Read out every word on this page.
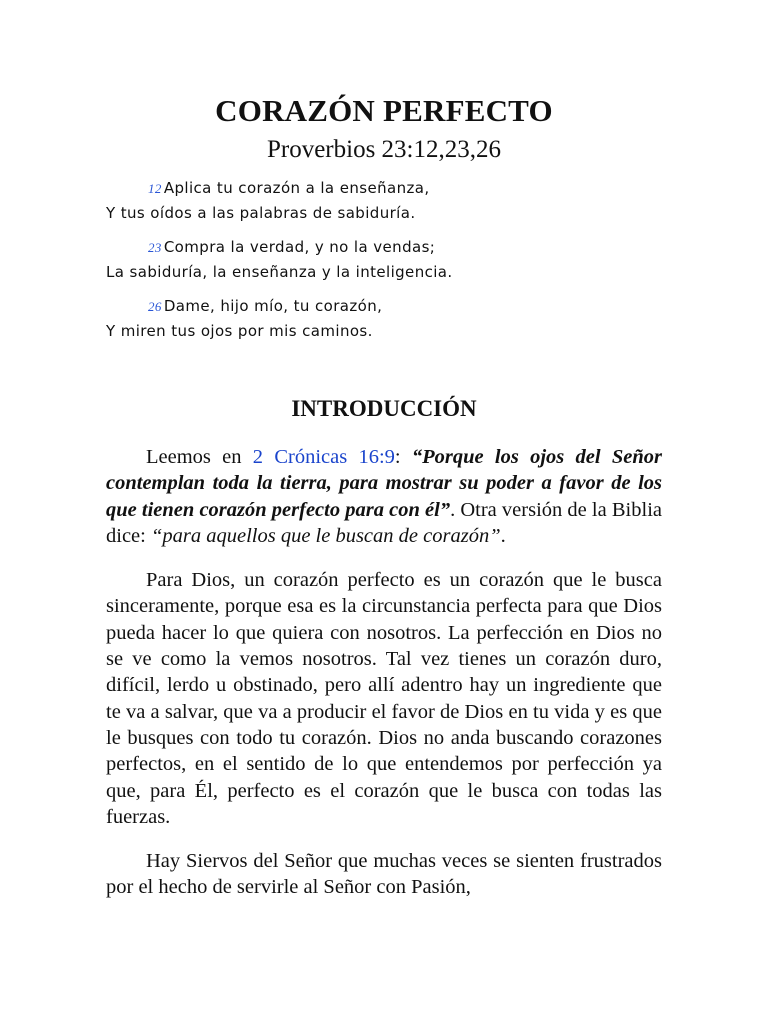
CORAZÓN PERFECTO
Proverbios 23:12,23,26
12 Aplica tu corazón a la enseñanza,
Y tus oídos a las palabras de sabiduría.
23 Compra la verdad, y no la vendas;
La sabiduría, la enseñanza y la inteligencia.
26 Dame, hijo mío, tu corazón,
Y miren tus ojos por mis caminos.
INTRODUCCIÓN

Leemos en 2 Crónicas 16:9: “Porque los ojos del Señor contemplan toda la tierra, para mostrar su poder a favor de los que tienen corazón perfecto para con él”. Otra versión de la Biblia dice: “para aquellos que le buscan de corazón”.

Para Dios, un corazón perfecto es un corazón que le busca sinceramente, porque esa es la circunstancia perfecta para que Dios pueda hacer lo que quiera con nosotros. La perfección en Dios no se ve como la vemos nosotros. Tal vez tienes un corazón duro, difícil, lerdo u obstinado, pero allí adentro hay un ingrediente que te va a salvar, que va a producir el favor de Dios en tu vida y es que le busques con todo tu corazón. Dios no anda buscando corazones perfectos, en el sentido de lo que entendemos por perfección ya que, para Él, perfecto es el corazón que le busca con todas las fuerzas.

Hay Siervos del Señor que muchas veces se sienten frustrados por el hecho de servirle al Señor con Pasión,
